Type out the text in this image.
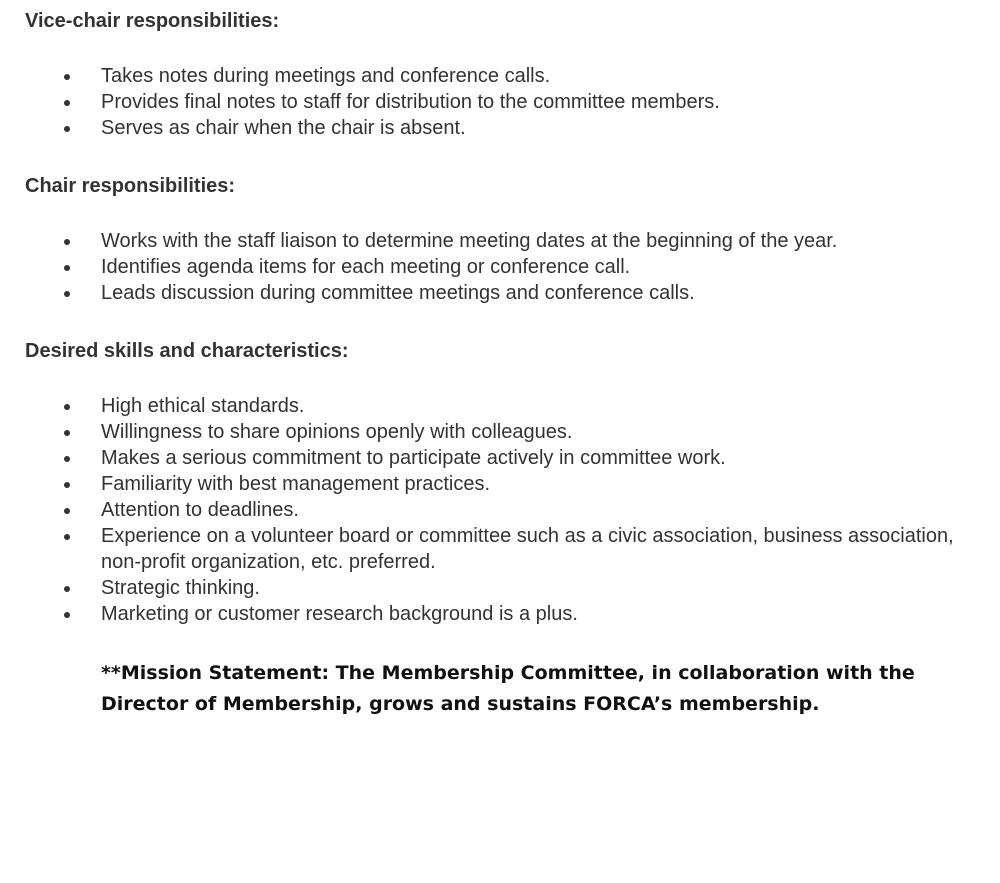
Vice-chair responsibilities:
Takes notes during meetings and conference calls.
Provides final notes to staff for distribution to the committee members.
Serves as chair when the chair is absent.
Chair responsibilities:
Works with the staff liaison to determine meeting dates at the beginning of the year.
Identifies agenda items for each meeting or conference call.
Leads discussion during committee meetings and conference calls.
Desired skills and characteristics:
High ethical standards.
Willingness to share opinions openly with colleagues.
Makes a serious commitment to participate actively in committee work.
Familiarity with best management practices.
Attention to deadlines.
Experience on a volunteer board or committee such as a civic association, business association, non-profit organization, etc. preferred.
Strategic thinking.
Marketing or customer research background is a plus.

**Mission Statement: The Membership Committee, in collaboration with the Director of Membership, grows and sustains FORCA’s membership.
